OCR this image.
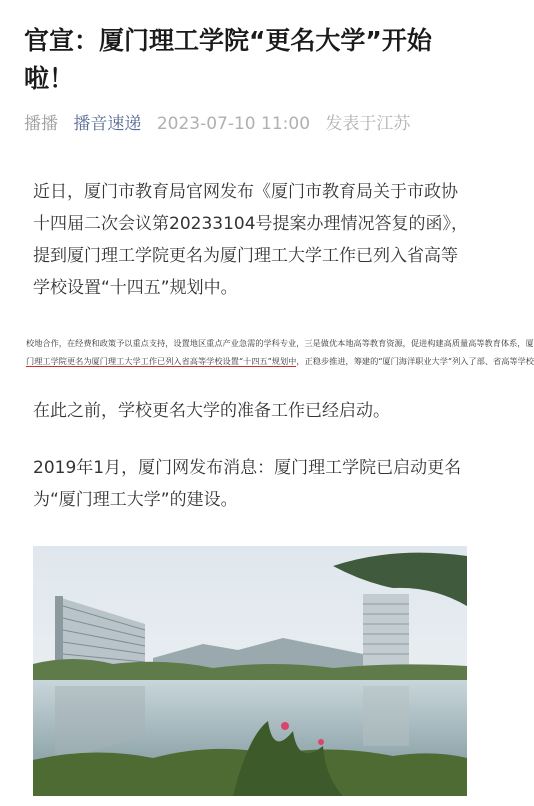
官宣：厦门理工学院“更名大学”开始啦！
播播 播音速递 2023-07-10 11:00 发表于江苏

近日，厦门市教育局官网发布《厦门市教育局关于市政协十四届二次会议第20233104号提案办理情况答复的函》，提到厦门理工学院更名为厦门理工大学工作已列入省高等学校设置“十四五”规划中。

校地合作，在经费和政策予以重点支持，设置地区重点产业急需的学科专业，三是做优本地高等教育资源，促进构建高质量高等教育体系，厦
门理工学院更名为厦门理工大学工作已列入省高等学校设置“十四五”规划中，正稳步推进，筹建的“厦门海洋职业大学”列入了部、省高等学校

在此之前，学校更名大学的准备工作已经启动。

2019年1月，厦门网发布消息：厦门理工学院已启动更名为“厦门理工大学”的建设。
